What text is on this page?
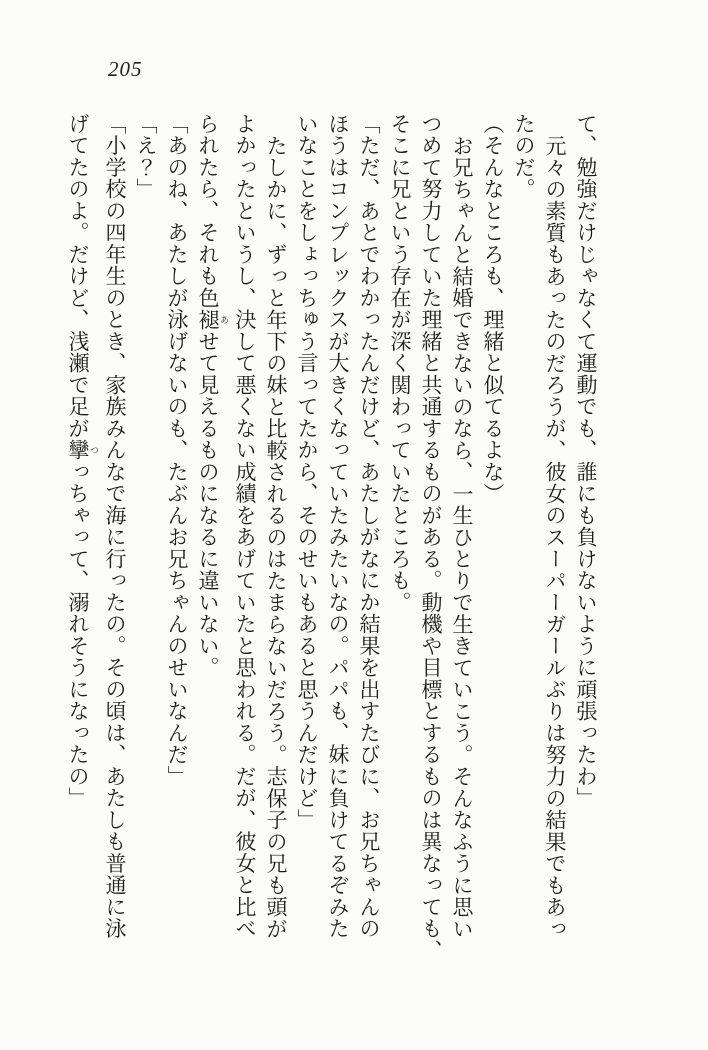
205

て、勉強だけじゃなくて運動でも、誰にも負けないように頑張ったわ」

元々の素質もあったのだろうが、彼女のスーパーガールぶりは努力の結果でもあっ

たのだ。

（そんなところも、理緒と似てるよな）

お兄ちゃんと結婚できないのなら、一生ひとりで生きていこう。そんなふうに思い

つめて努力していた理緒と共通するものがある。動機や目標とするものは異なっても、

そこに兄という存在が深く関わっていたところも。

「ただ、あとでわかったんだけど、あたしがなにか結果を出すたびに、お兄ちゃんの

ほうはコンプレックスが大きくなっていたみたいなの。パパも、妹に負けてるぞみた

いなことをしょっちゅう言ってたから、そのせいもあると思うんだけど」

たしかに、ずっと年下の妹と比較されるのはたまらないだろう。志保子の兄も頭が

よかったというし、決して悪くない成績をあげていたと思われる。だが、彼女と比べ

られたら、それも色褪 あせて見えるものになるに違いない。

「あのね、あたしが泳げないのも、たぶんお兄ちゃんのせいなんだ」

「え？」

「小学校の四年生のとき、家族みんなで海に行ったの。その頃は、あたしも普通に泳

げてたのよ。だけど、浅瀬で足が攣 つっちゃって、溺れそうになったの」
